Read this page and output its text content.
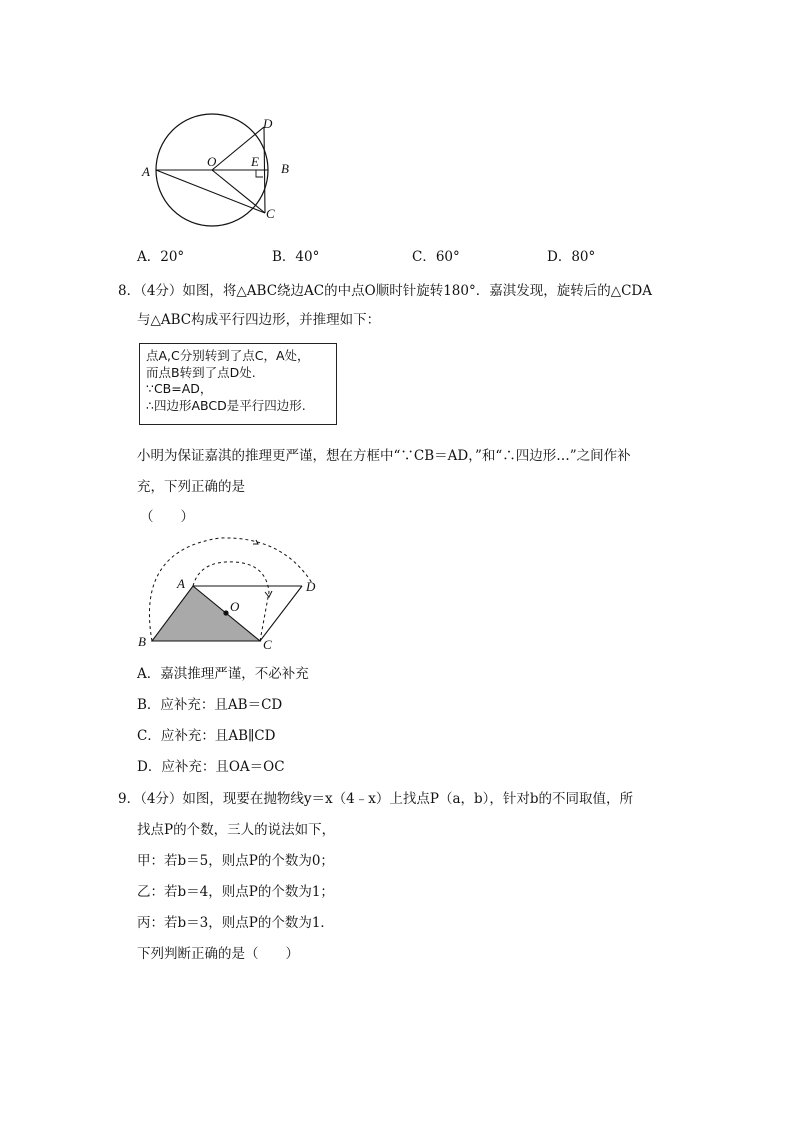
A
O	E B
C
D
A．20°	B．40°	C．60°	D．80°
8．（4分）如图，将△ABC绕边AC的中点O顺时针旋转180°．嘉淇发现，旋转后的△CDA
与△ABC构成平行四边形，并推理如下：
点A,C分别转到了点C，A处，
而点B转到了点D处.
∵CB=AD，
∴四边形ABCD是平行四边形.
小明为保证嘉淇的推理更严谨，想在方框中“∵CB＝AD，”和“∴四边形…”之间作补
充，下列正确的是
（　　）
A
O
D
B	C
A．嘉淇推理严谨，不必补充
B．应补充：且AB＝CD
C．应补充：且AB∥CD
D．应补充：且OA＝OC
9．（4分）如图，现要在抛物线y＝x（4﹣x）上找点P（a，b），针对b的不同取值，所
找点P的个数，三人的说法如下，
甲：若b＝5，则点P的个数为0；
乙：若b＝4，则点P的个数为1；
丙：若b＝3，则点P的个数为1．
下列判断正确的是（　　）
